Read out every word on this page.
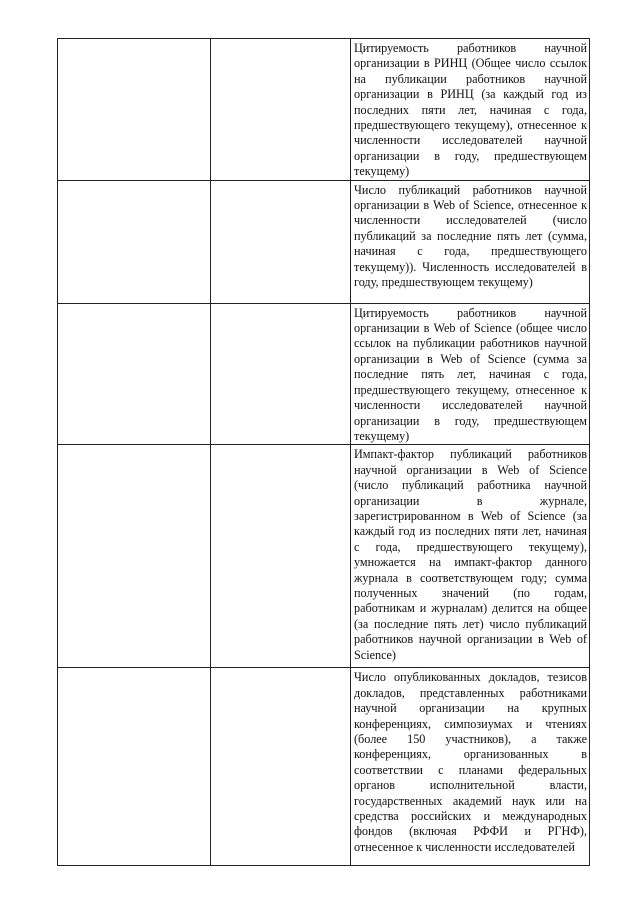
		Цитируемость работников научной организации в РИНЦ (Общее число ссылок на публикации работников научной организации в РИНЦ (за каждый год из последних пяти лет, начиная с года, предшествующего текущему), отнесенное к численности исследователей научной организации в году, предшествующем текущему)

		Число публикаций работников научной организации в Web of Science, отнесенное к численности исследователей (число публикаций за последние пять лет (сумма, начиная с года, предшествующего текущему)). Численность исследователей в году, предшествующем текущему)

		Цитируемость работников научной организации в Web of Science (общее число ссылок на публикации работников научной организации в Web of Science (сумма за последние пять лет, начиная с года, предшествующего текущему, отнесенное к численности исследователей научной организации в году, предшествующем текущему)

		Импакт-фактор публикаций работников научной организации в Web of Science (число публикаций работника научной организации в журнале, зарегистрированном в Web of Science (за каждый год из последних пяти лет, начиная с года, предшествующего текущему), умножается на импакт-фактор данного журнала в соответствующем году; сумма полученных значений (по годам, работникам и журналам) делится на общее (за последние пять лет) число публикаций работников научной организации в Web of Science)

		Число опубликованных докладов, тезисов докладов, представленных работниками научной организации на крупных конференциях, симпозиумах и чтениях (более 150 участников), а также конференциях, организованных в соответствии с планами федеральных органов исполнительной власти, государственных академий наук или на средства российских и международных фондов (включая РФФИ и РГНФ), отнесенное к численности исследователей
